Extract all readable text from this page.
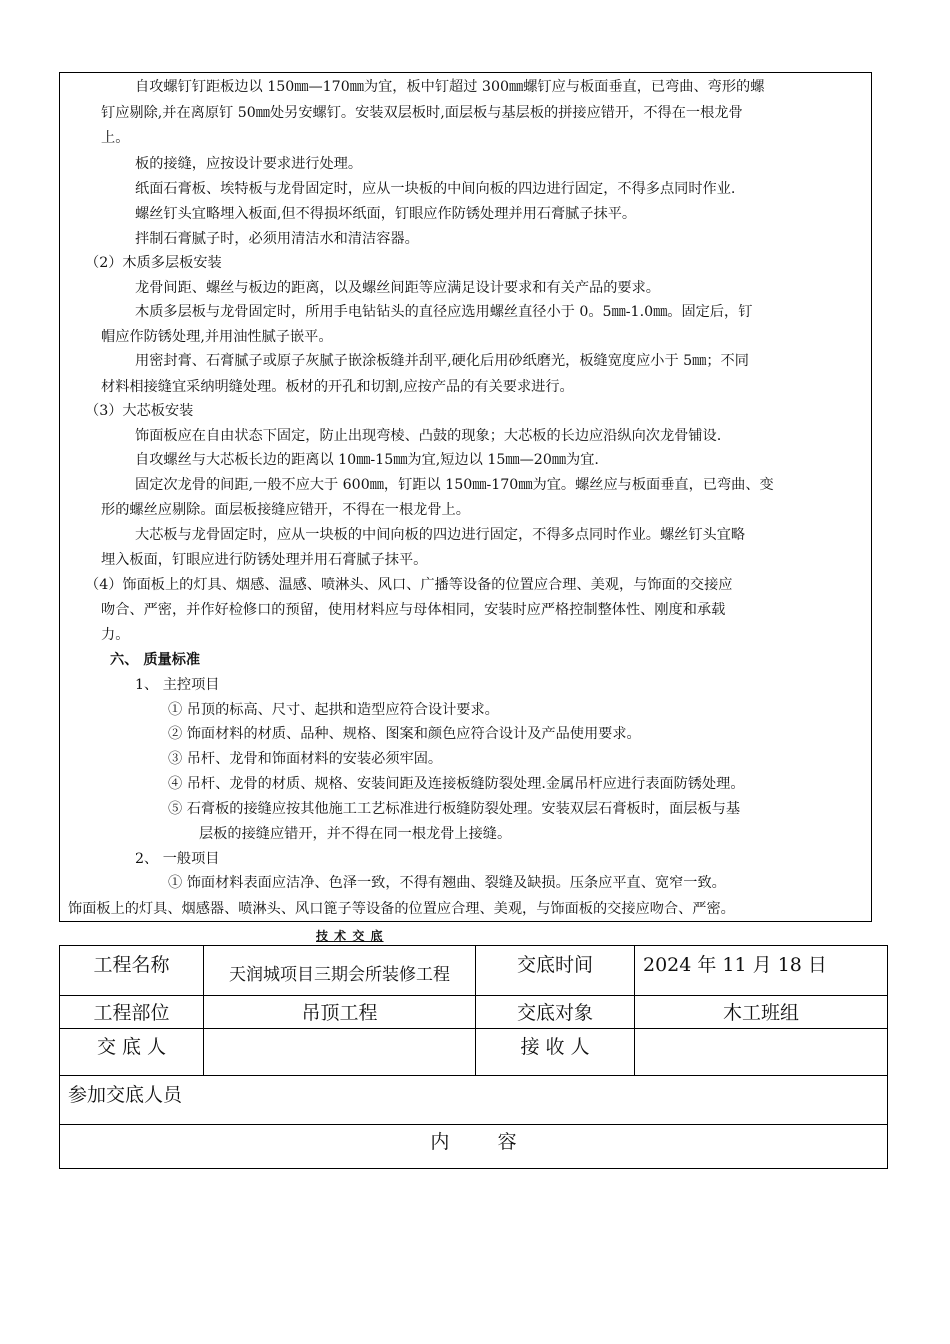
自攻螺钉钉距板边以 150㎜—170㎜为宜，板中钉超过 300㎜螺钉应与板面垂直，已弯曲、弯形的螺
钉应剔除,并在离原钉 50㎜处另安螺钉。安装双层板时,面层板与基层板的拼接应错开，不得在一根龙骨
上。
板的接缝，应按设计要求进行处理。
纸面石膏板、埃特板与龙骨固定时，应从一块板的中间向板的四边进行固定，不得多点同时作业.
螺丝钉头宜略埋入板面,但不得损坏纸面，钉眼应作防锈处理并用石膏腻子抹平。
拌制石膏腻子时，必须用清洁水和清洁容器。
（2）木质多层板安装
龙骨间距、螺丝与板边的距离，以及螺丝间距等应满足设计要求和有关产品的要求。
木质多层板与龙骨固定时，所用手电钻钻头的直径应选用螺丝直径小于 0。5㎜-1.0㎜。固定后，钉
帽应作防锈处理,并用油性腻子嵌平。
用密封膏、石膏腻子或原子灰腻子嵌涂板缝并刮平,硬化后用砂纸磨光，板缝宽度应小于 5㎜；不同
材料相接缝宜采纳明缝处理。板材的开孔和切割,应按产品的有关要求进行。
（3）大芯板安装
饰面板应在自由状态下固定，防止出现弯棱、凸鼓的现象；大芯板的长边应沿纵向次龙骨铺设.
自攻螺丝与大芯板长边的距离以 10㎜-15㎜为宜,短边以 15㎜—20㎜为宜.
固定次龙骨的间距,一般不应大于 600㎜，钉距以 150㎜-170㎜为宜。螺丝应与板面垂直，已弯曲、变
形的螺丝应剔除。面层板接缝应错开，不得在一根龙骨上。
大芯板与龙骨固定时，应从一块板的中间向板的四边进行固定，不得多点同时作业。螺丝钉头宜略
埋入板面，钉眼应进行防锈处理并用石膏腻子抹平。
（4）饰面板上的灯具、烟感、温感、喷淋头、风口、广播等设备的位置应合理、美观，与饰面的交接应
吻合、严密，并作好检修口的预留，使用材料应与母体相同，安装时应严格控制整体性、刚度和承载
力。
六、 质量标准
1、 主控项目
① 吊顶的标高、尺寸、起拱和造型应符合设计要求。
② 饰面材料的材质、品种、规格、图案和颜色应符合设计及产品使用要求。
③ 吊杆、龙骨和饰面材料的安装必须牢固。
④ 吊杆、龙骨的材质、规格、安装间距及连接板缝防裂处理.金属吊杆应进行表面防锈处理。
⑤ 石膏板的接缝应按其他施工工艺标准进行板缝防裂处理。安装双层石膏板时，面层板与基
层板的接缝应错开，并不得在同一根龙骨上接缝。
2、 一般项目
① 饰面材料表面应洁净、色泽一致，不得有翘曲、裂缝及缺损。压条应平直、宽窄一致。
饰面板上的灯具、烟感器、喷淋头、风口篦子等设备的位置应合理、美观，与饰面板的交接应吻合、严密。
技 术 交 底
工程名称	天润城项目三期会所装修工程	交底时间	2024 年 11 月 18 日
工程部位	吊顶工程	交底对象	木工班组
交 底 人		接 收 人	
参加交底人员			
内        容			
